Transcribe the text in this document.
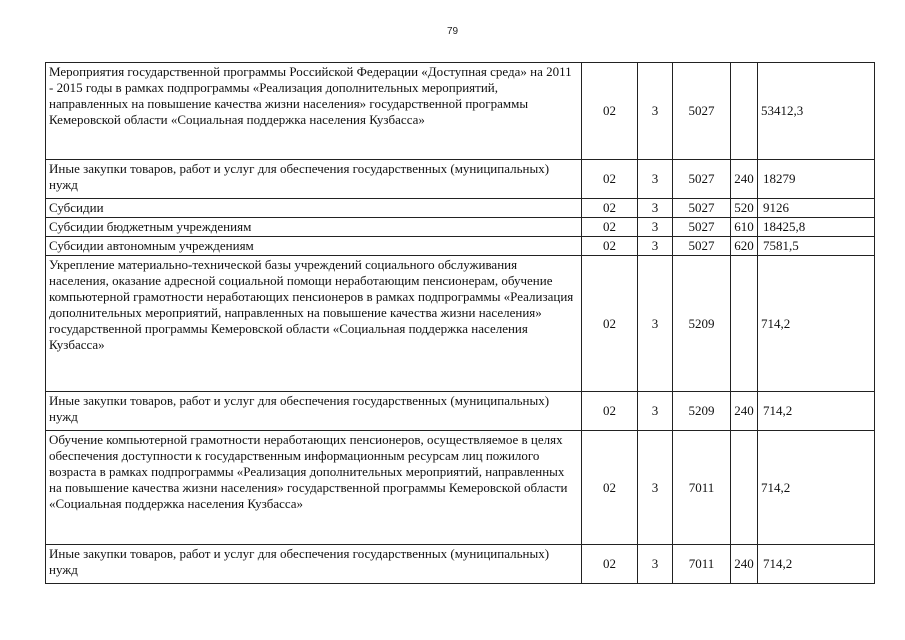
79
Мероприятия государственной программы Российской Федерации «Доступная среда» на 2011 - 2015 годы в рамках подпрограммы «Реализация дополнительных мероприятий, направленных на повышение качества жизни населения» государственной программы Кемеровской области «Социальная поддержка населения Кузбасса»	02	3	5027		53412,3
Иные закупки товаров, работ и услуг для обеспечения государственных (муниципальных) нужд	02	3	5027	240	18279
Субсидии	02	3	5027	520	9126
Субсидии бюджетным учреждениям	02	3	5027	610	18425,8
Субсидии автономным учреждениям	02	3	5027	620	7581,5
Укрепление материально-технической базы учреждений социального обслуживания населения, оказание адресной социальной помощи неработающим пенсионерам, обучение компьютерной грамотности неработающих пенсионеров в рамках подпрограммы «Реализация дополнительных мероприятий, направленных на повышение качества жизни населения» государственной программы Кемеровской области «Социальная поддержка населения Кузбасса»	02	3	5209		714,2
Иные закупки товаров, работ и услуг для обеспечения государственных (муниципальных) нужд	02	3	5209	240	714,2
Обучение компьютерной грамотности неработающих пенсионеров, осуществляемое в целях обеспечения доступности к государственным информационным ресурсам лиц пожилого возраста в рамках подпрограммы «Реализация дополнительных мероприятий, направленных на повышение качества жизни населения» государственной программы Кемеровской области «Социальная поддержка населения Кузбасса»	02	3	7011		714,2
Иные закупки товаров, работ и услуг для обеспечения государственных (муниципальных) нужд	02	3	7011	240	714,2
